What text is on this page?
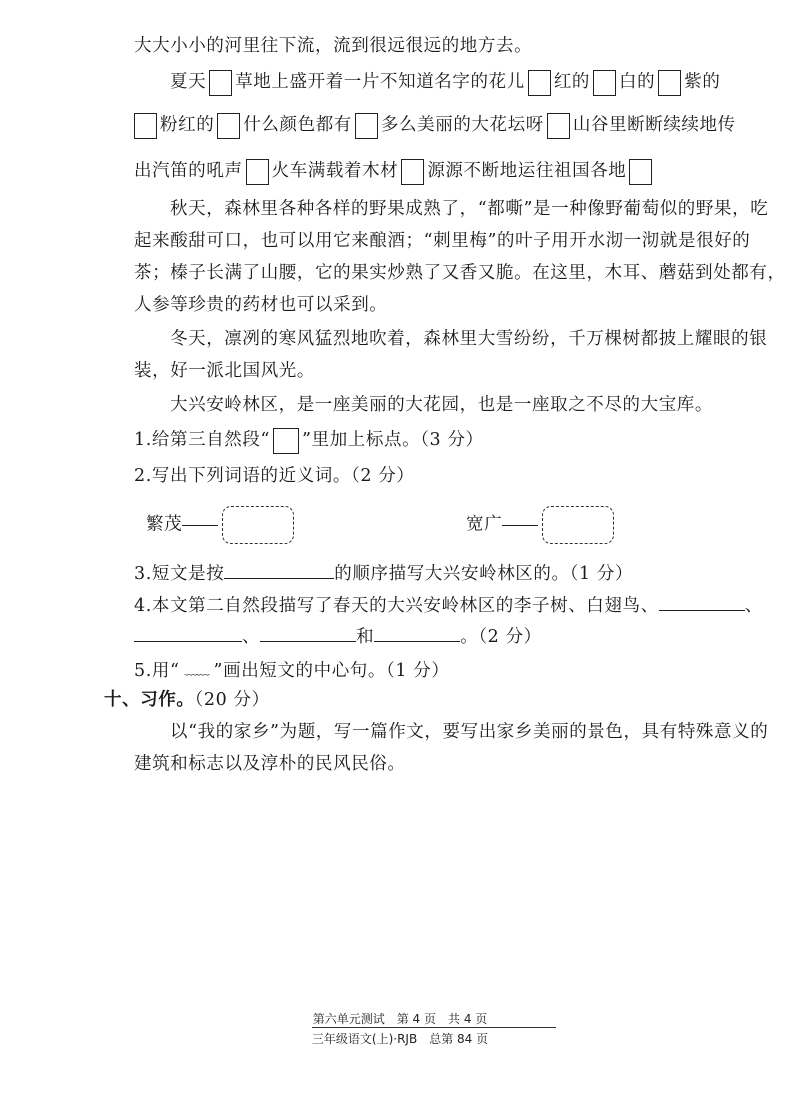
大大小小的河里往下流，流到很远很远的地方去。
夏天 草地上盛开着一片不知道名字的花儿 红的 白的 紫的
粉红的 什么颜色都有 多么美丽的大花坛呀 山谷里断断续续地传
出汽笛的吼声 火车满载着木材 源源不断地运往祖国各地
秋天，森林里各种各样的野果成熟了，“都嘶”是一种像野葡萄似的野果，吃
起来酸甜可口，也可以用它来酿酒；“刺里梅”的叶子用开水沏一沏就是很好的
茶；榛子长满了山腰，它的果实炒熟了又香又脆。在这里，木耳、蘑菇到处都有，
人参等珍贵的药材也可以采到。
冬天，凛冽的寒风猛烈地吹着，森林里大雪纷纷，千万棵树都披上耀眼的银
装，好一派北国风光。
大兴安岭林区，是一座美丽的大花园，也是一座取之不尽的大宝库。
1.给第三自然段“ ”里加上标点。（3 分）
2.写出下列词语的近义词。（2 分）
繁茂	宽广
3.短文是按	的顺序描写大兴安岭林区的。（1 分）
4.本文第二自然段描写了春天的大兴安岭林区的李子树、白翅鸟、	、
、	和	。（2 分）
5.用“ ﹏﹏ ”画出短文的中心句。（1 分）
十、习作。（20 分）
以“我的家乡”为题，写一篇作文，要写出家乡美丽的景色，具有特殊意义的
建筑和标志以及淳朴的民风民俗。
第六单元测试　第 4 页　共 4 页
三年级语文(上)·RJB　总第 84 页
